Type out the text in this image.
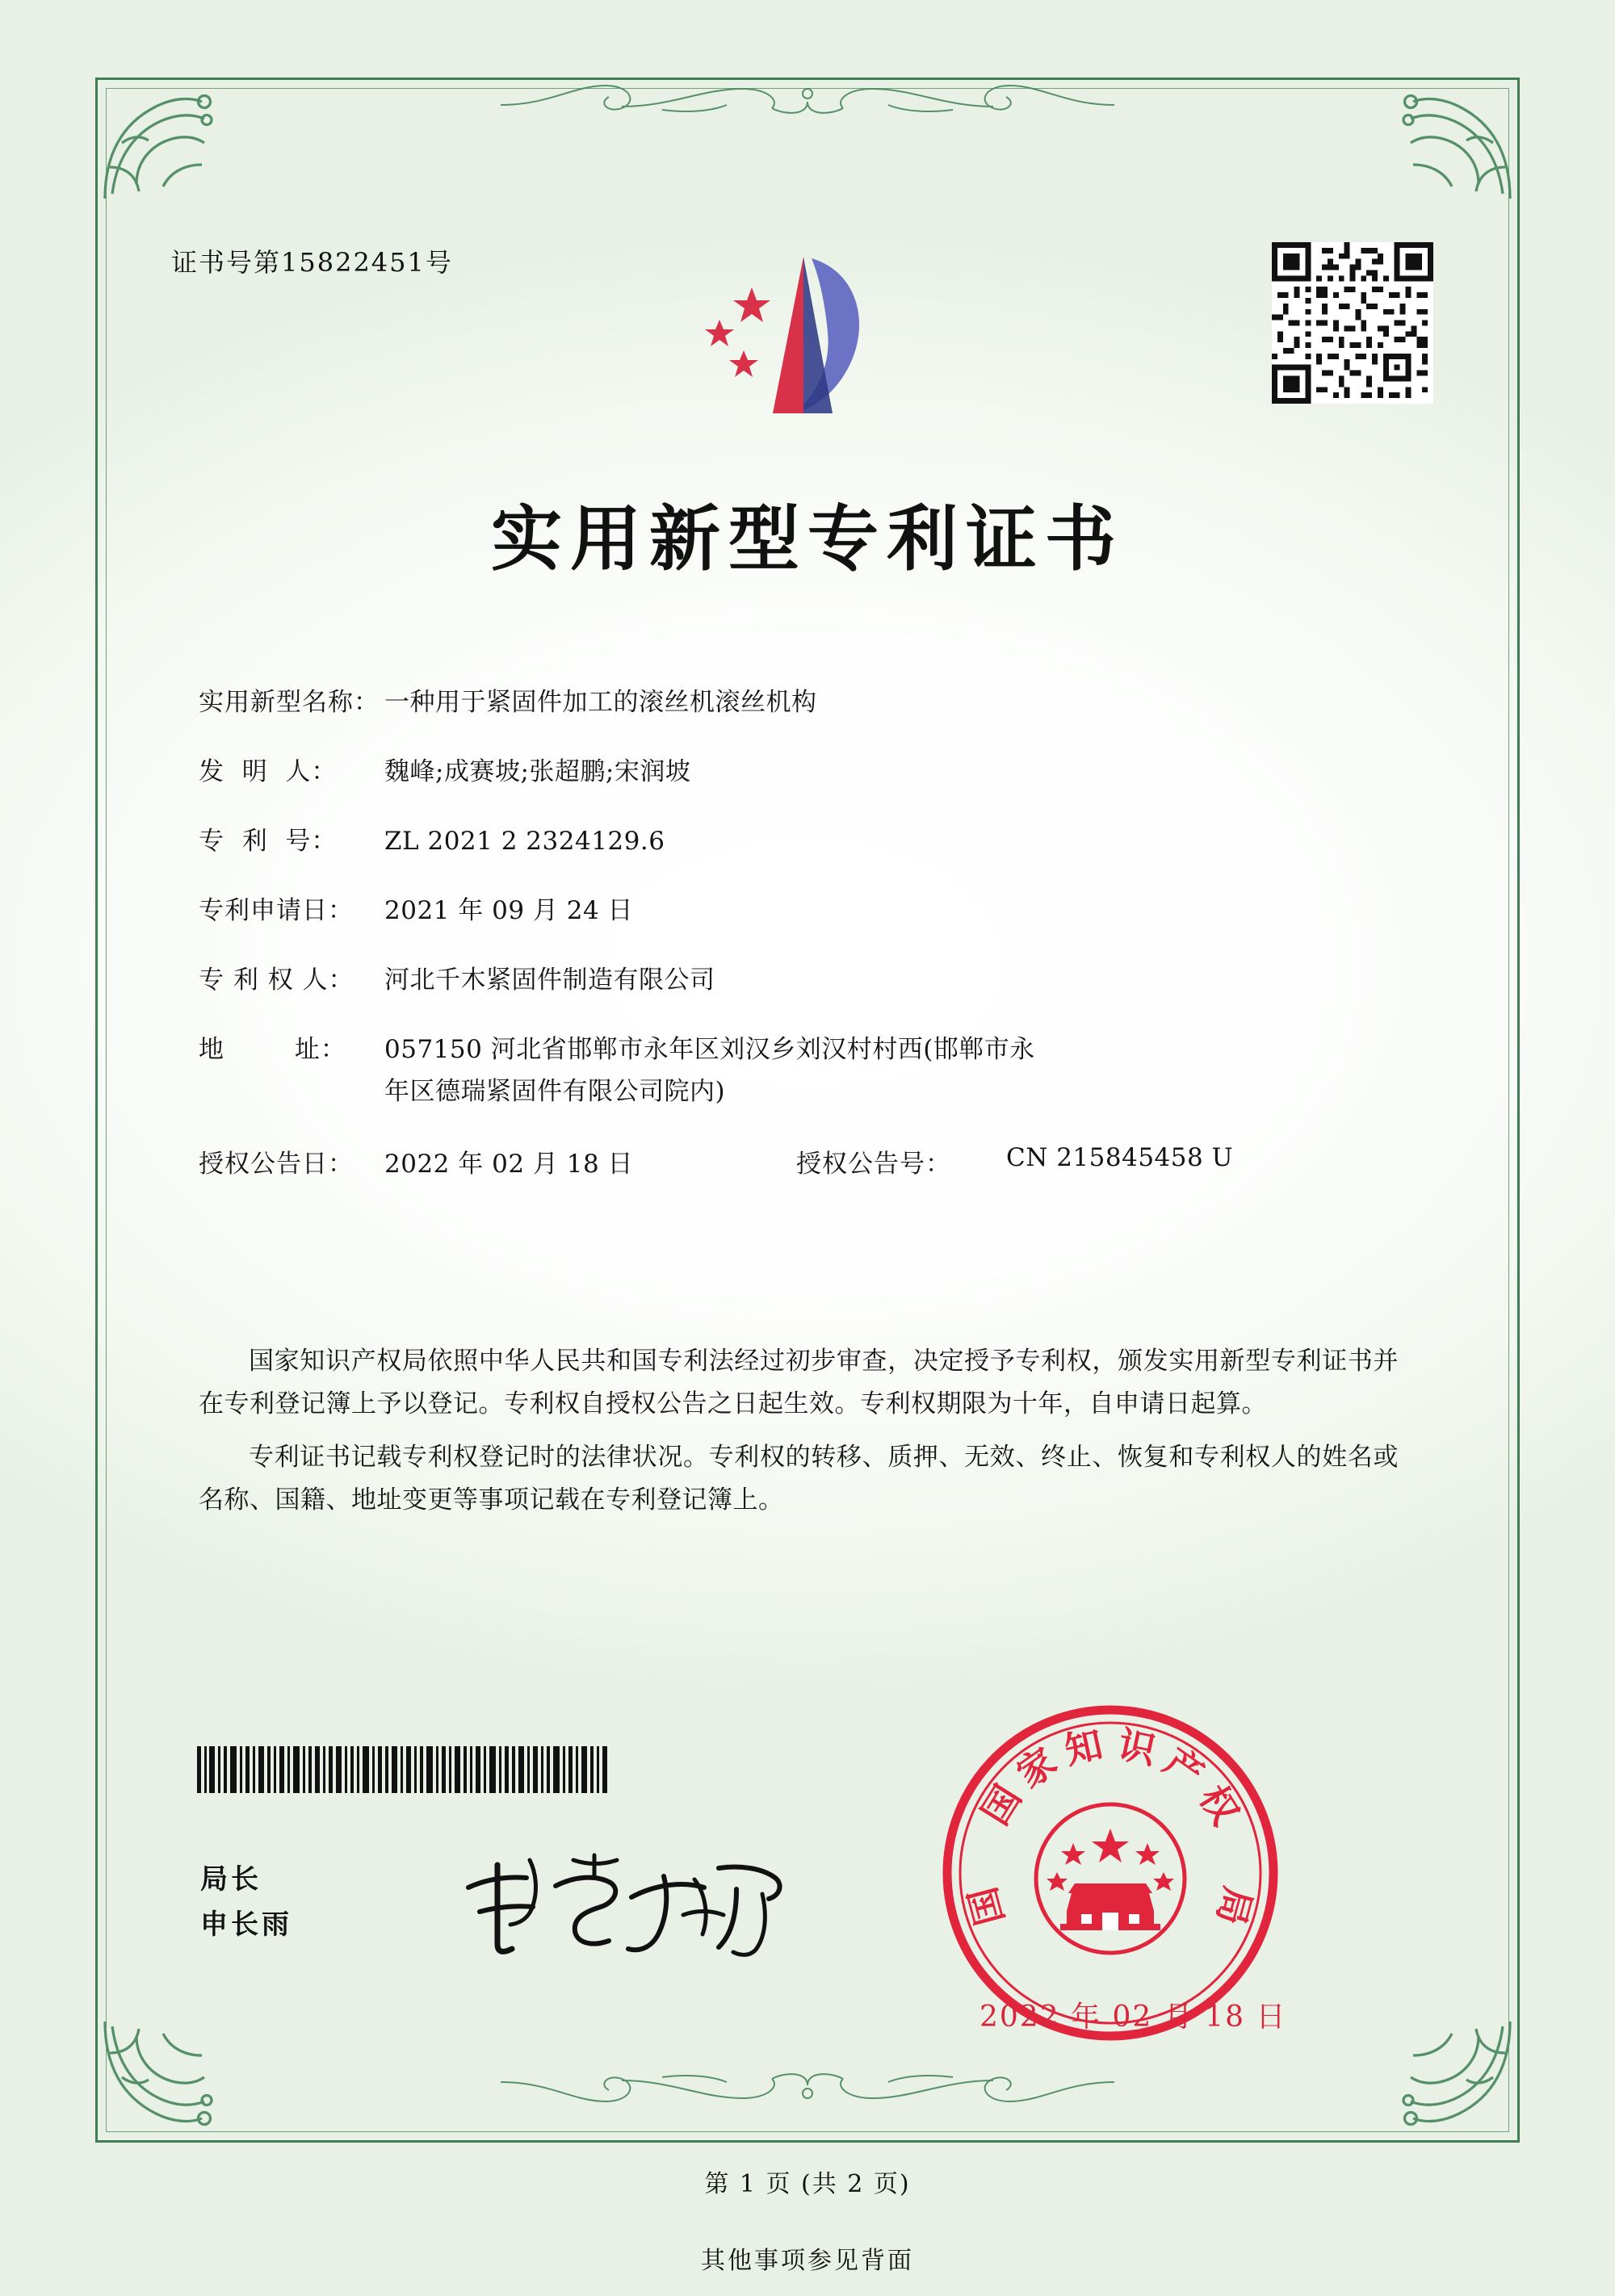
证书号第15822451号
实用新型专利证书
实用新型名称： 一种用于紧固件加工的滚丝机滚丝机构
发  明  人：	魏峰;成赛坡;张超鹏;宋润坡
专  利  号：	ZL 2021 2 2324129.6
专利申请日：	2021 年 09 月 24 日
专 利 权 人：	河北千木紧固件制造有限公司
地        址：	057150 河北省邯郸市永年区刘汉乡刘汉村村西(邯郸市永
年区德瑞紧固件有限公司院内)
授权公告日：	2022 年 02 月 18 日	授权公告号：	CN 215845458 U
国家知识产权局依照中华人民共和国专利法经过初步审查，决定授予专利权，颁发实用新型专利证书并在专利登记簿上予以登记。专利权自授权公告之日起生效。专利权期限为十年，自申请日起算。
专利证书记载专利权登记时的法律状况。专利权的转移、质押、无效、终止、恢复和专利权人的姓名或名称、国籍、地址变更等事项记载在专利登记簿上。
局长
申长雨
国
家
知 识
产
权
局
国
2022 年 02 月 18 日
第 1 页 (共 2 页)
其他事项参见背面
